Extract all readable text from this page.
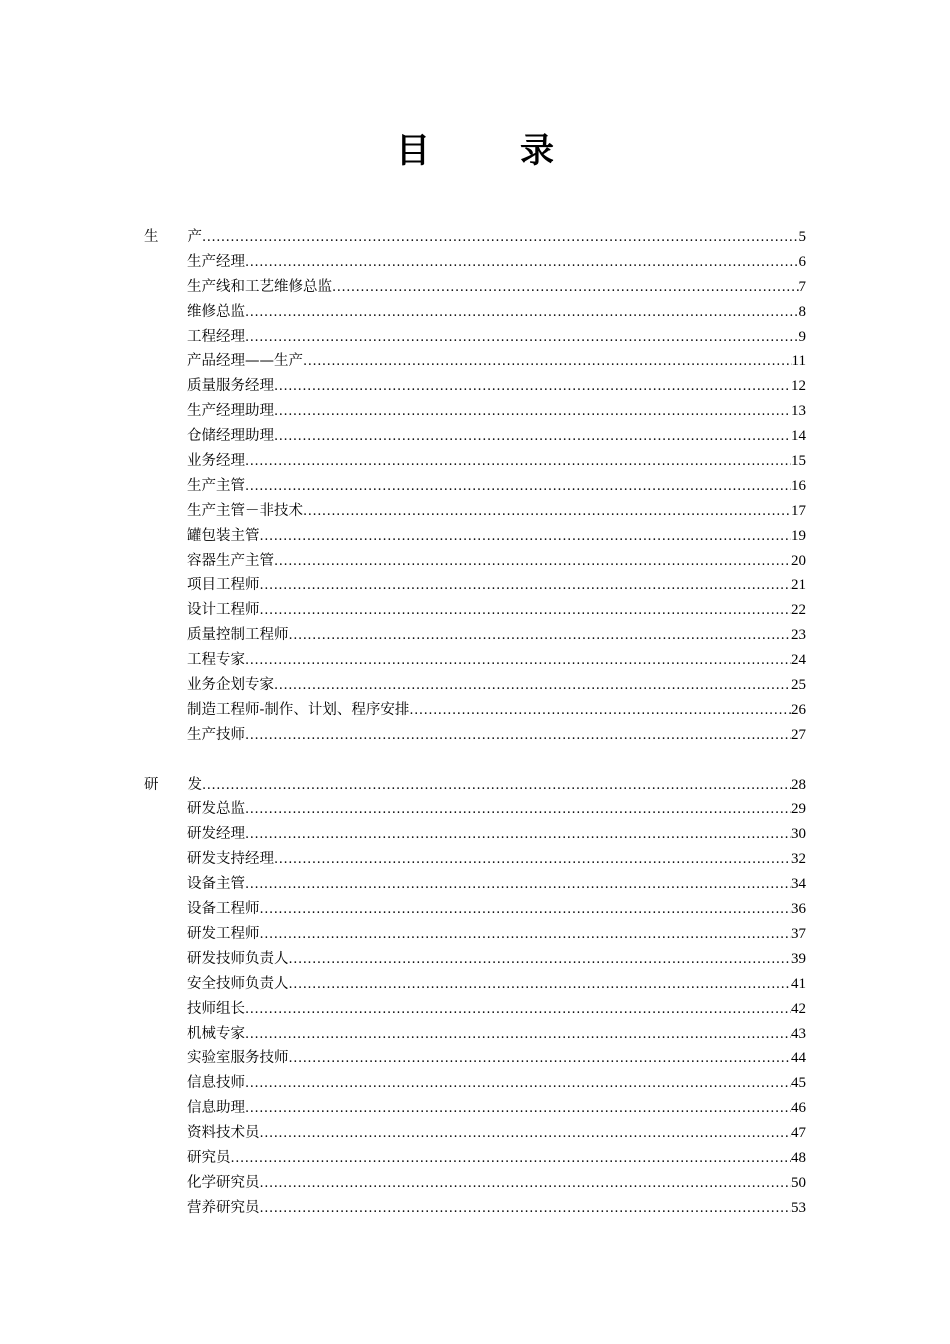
目　录
生　　产 .....	5
生产经理 .....	6
生产线和工艺维修总监 .....	7
维修总监 .....	8
工程经理 .....	9
产品经理——生产 .....	11
质量服务经理 .....	12
生产经理助理 .....	13
仓储经理助理 .....	14
业务经理 .....	15
生产主管 .....	16
生产主管－非技术 .....	17
罐包装主管 .....	19
容器生产主管 .....	20
项目工程师 .....	21
设计工程师 .....	22
质量控制工程师 .....	23
工程专家 .....	24
业务企划专家 .....	25
制造工程师-制作、计划、程序安排 .....	26
生产技师 .....	27
研　　发 .....	28
研发总监 .....	29
研发经理 .....	30
研发支持经理 .....	32
设备主管 .....	34
设备工程师 .....	36
研发工程师 .....	37
研发技师负责人 .....	39
安全技师负责人 .....	41
技师组长 .....	42
机械专家 .....	43
实验室服务技师 .....	44
信息技师 .....	45
信息助理 .....	46
资料技术员 .....	47
研究员 .....	48
化学研究员 .....	50
营养研究员 .....	53
